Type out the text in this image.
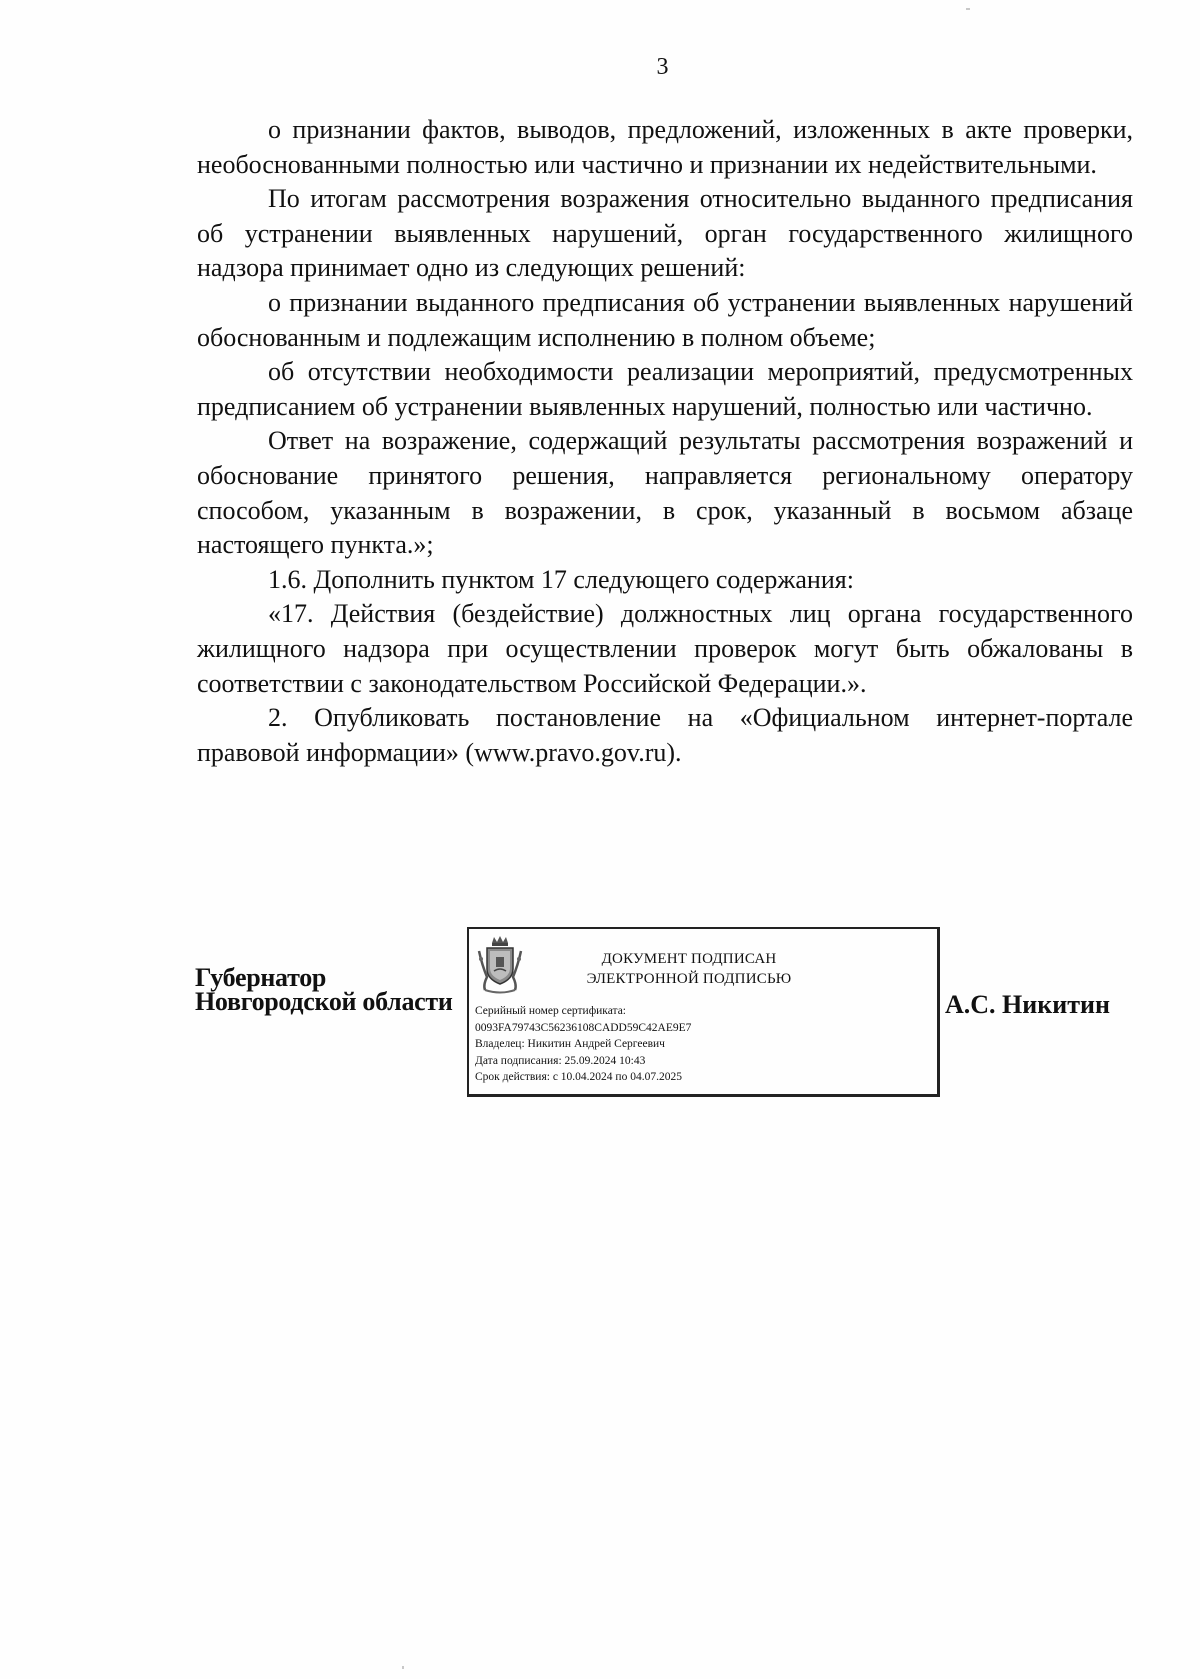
3

о признании фактов, выводов, предложений, изложенных в акте проверки, необоснованными полностью или частично и признании их недействительными.

По итогам рассмотрения возражения относительно выданного предписания об устранении выявленных нарушений, орган государственного жилищного надзора принимает одно из следующих решений:

о признании выданного предписания об устранении выявленных нарушений обоснованным и подлежащим исполнению в полном объеме;

об отсутствии необходимости реализации мероприятий, предусмотренных предписанием об устранении выявленных нарушений, полностью или частично.

Ответ на возражение, содержащий результаты рассмотрения возражений и обоснование принятого решения, направляется региональному оператору способом, указанным в возражении, в срок, указанный в восьмом абзаце настоящего пункта.»;

1.6. Дополнить пунктом 17 следующего содержания:

«17. Действия (бездействие) должностных лиц органа государственного жилищного надзора при осуществлении проверок могут быть обжалованы в соответствии с законодательством Российской Федерации.».

2. Опубликовать постановление на «Официальном интернет-портале правовой информации» (www.pravo.gov.ru).

Губернатор
Новгородской области
ДОКУМЕНТ ПОДПИСАН
ЭЛЕКТРОННОЙ ПОДПИСЬЮ
Серийный номер сертификата:
0093FA79743C56236108CADD59C42AE9E7
Владелец: Никитин Андрей Сергеевич
Дата подписания: 25.09.2024 10:43
Срок действия: с 10.04.2024 по 04.07.2025
А.С. Никитин
